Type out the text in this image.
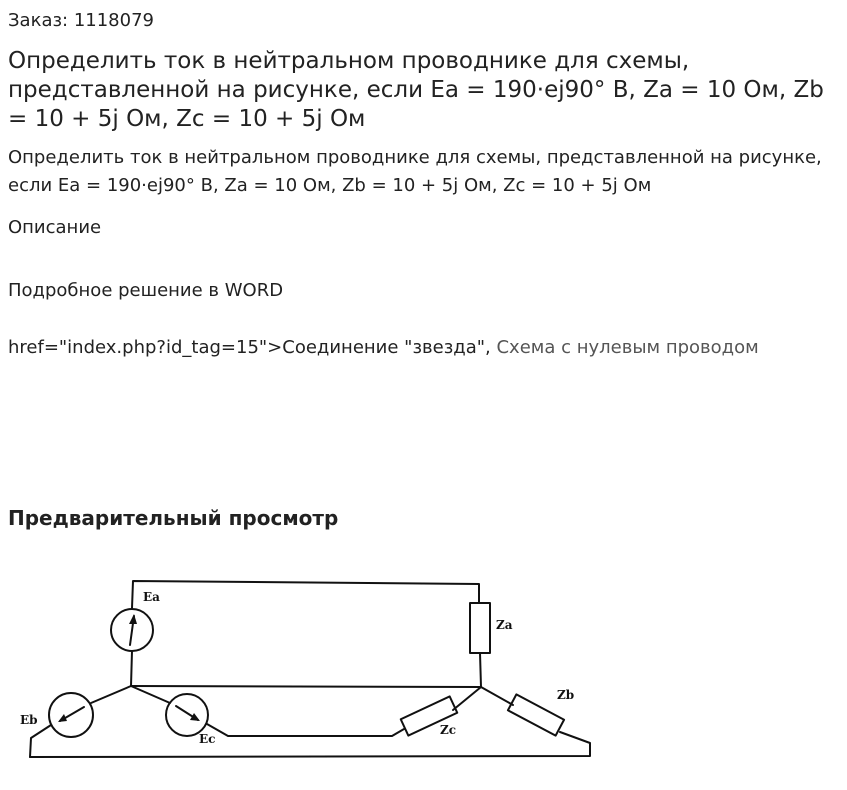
Заказ: 1118079
Определить ток в нейтральном проводнике для схемы, представленной на рисунке, если Ea = 190·ej90° B, Za = 10 Ом, Zb = 10 + 5j Ом, Zc = 10 + 5j Ом
Определить ток в нейтральном проводнике для схемы, представленной на рисунке, если Ea = 190·ej90° B, Za = 10 Ом, Zb = 10 + 5j Ом, Zc = 10 + 5j Ом
Описание
Подробное решение в WORD
href="index.php?id_tag=15">Соединение "звезда", Схема с нулевым проводом
Предварительный просмотр
Ea
Eb
Ec
Za
Zb
Zc
